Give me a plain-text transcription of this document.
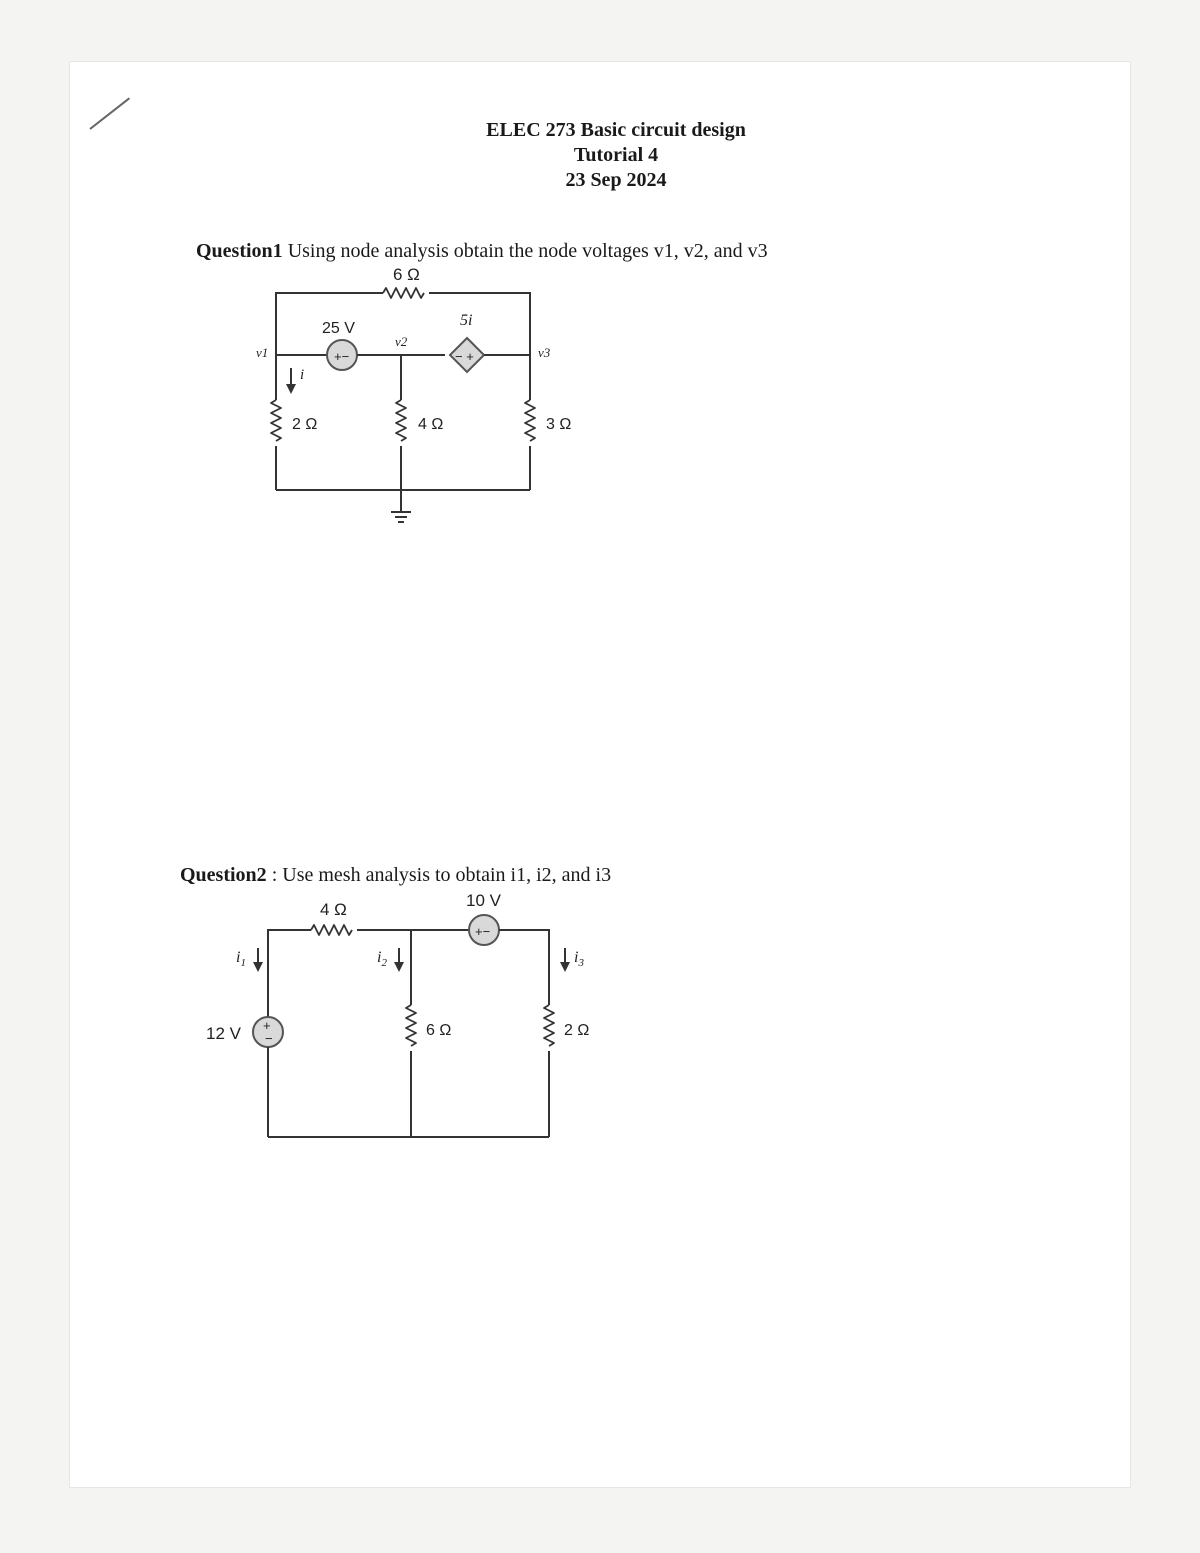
ELEC 273 Basic circuit design
Tutorial 4
23 Sep 2024
Question1 Using node analysis obtain the node voltages v1, v2, and v3
Question2 : Use mesh analysis to obtain i1, i2, and i3
+−	− +
6 Ω
25 V	5i
v1
v2
v3
i
2 Ω	4 Ω	3 Ω
+−
+
−
4 Ω	10 V
12 V
$i_1$	$i_2$	$i_3$
6 Ω	2 Ω
